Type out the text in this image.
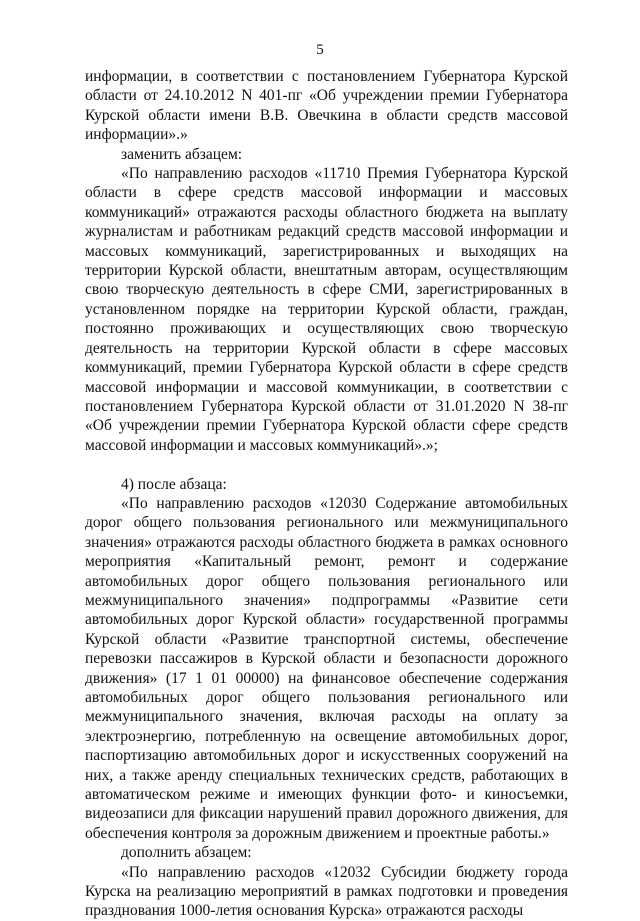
5

информации, в соответствии с постановлением Губернатора Курской области от 24.10.2012 N 401-пг «Об учреждении премии Губернатора Курской области имени В.В. Овечкина в области средств массовой информации».»

заменить абзацем:

«По направлению расходов «11710 Премия Губернатора Курской области в сфере средств массовой информации и массовых коммуникаций» отражаются расходы областного бюджета на выплату журналистам и работникам редакций средств массовой информации и массовых коммуникаций, зарегистрированных и выходящих на территории Курской области, внештатным авторам, осуществляющим свою творческую деятельность в сфере СМИ, зарегистрированных в установленном порядке на территории Курской области, граждан, постоянно проживающих и осуществляющих свою творческую деятельность на территории Курской области в сфере массовых коммуникаций, премии Губернатора Курской области в сфере средств массовой информации и массовой коммуникации, в соответствии с постановлением Губернатора Курской области от 31.01.2020 N 38-пг «Об учреждении премии Губернатора Курской области сфере средств массовой информации и массовых коммуникаций».»;

4) после абзаца:

«По направлению расходов «12030 Содержание автомобильных дорог общего пользования регионального или межмуниципального значения» отражаются расходы областного бюджета в рамках основного мероприятия «Капитальный ремонт, ремонт и содержание автомобильных дорог общего пользования регионального или межмуниципального значения» подпрограммы «Развитие сети автомобильных дорог Курской области» государственной программы Курской области «Развитие транспортной системы, обеспечение перевозки пассажиров в Курской области и безопасности дорожного движения» (17 1 01 00000) на финансовое обеспечение содержания автомобильных дорог общего пользования регионального или межмуниципального значения, включая расходы на оплату за электроэнергию, потребленную на освещение автомобильных дорог, паспортизацию автомобильных дорог и искусственных сооружений на них, а также аренду специальных технических средств, работающих в автоматическом режиме и имеющих функции фото- и киносъемки, видеозаписи для фиксации нарушений правил дорожного движения, для обеспечения контроля за дорожным движением и проектные работы.»

дополнить абзацем:

«По направлению расходов «12032 Субсидии бюджету города Курска на реализацию мероприятий в рамках подготовки и проведения празднования 1000-летия основания Курска» отражаются расходы
